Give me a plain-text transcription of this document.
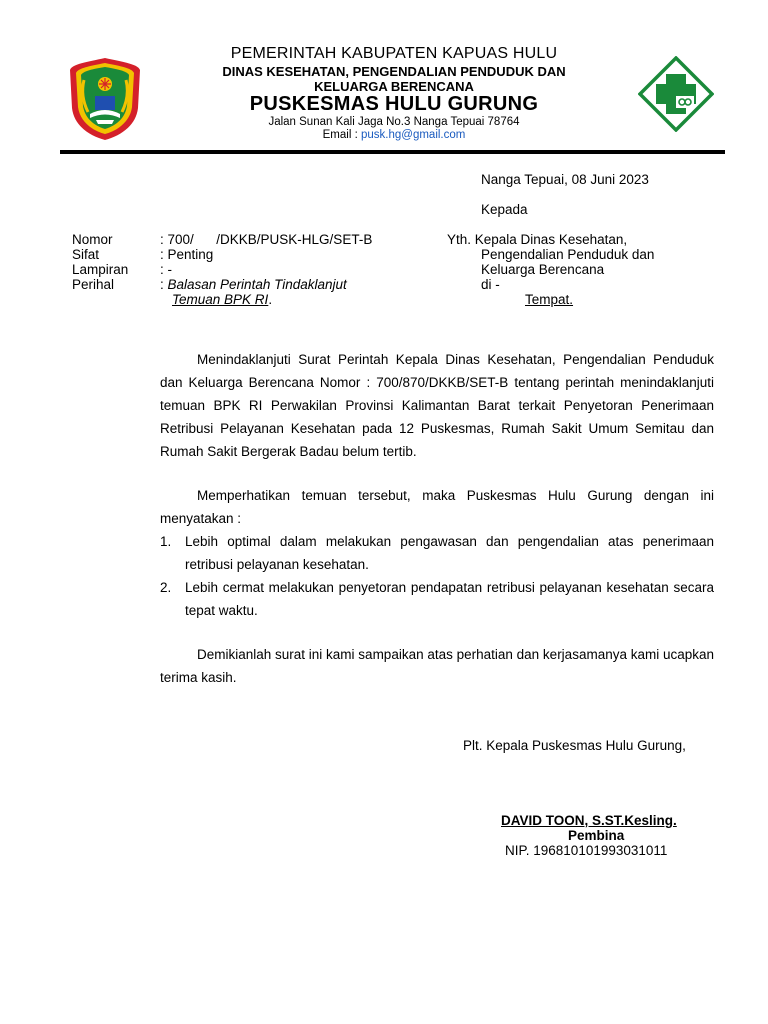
PEMERINTAH KABUPATEN KAPUAS HULU
DINAS KESEHATAN, PENGENDALIAN PENDUDUK DAN
KELUARGA BERENCANA
PUSKESMAS HULU GURUNG
Jalan Sunan Kali Jaga No.3 Nanga Tepuai 78764
Email : pusk.hg@gmail.com
Nanga Tepuai, 08 Juni 2023
Kepada
Nomor	: 700/      /DKKB/PUSK-HLG/SET-B
Sifat	: Penting
Lampiran : -
Perihal	: Balasan Perintah Tindaklanjut
Temuan BPK RI.
Yth. Kepala Dinas Kesehatan,
Pengendalian Penduduk dan
Keluarga Berencana
di -
Tempat.
Menindaklanjuti Surat Perintah Kepala Dinas Kesehatan, Pengendalian Penduduk dan Keluarga Berencana Nomor : 700/870/DKKB/SET-B tentang perintah menindaklanjuti temuan BPK RI Perwakilan Provinsi Kalimantan Barat terkait Penyetoran Penerimaan Retribusi Pelayanan Kesehatan pada 12 Puskesmas, Rumah Sakit Umum Semitau dan Rumah Sakit Bergerak Badau belum tertib.
Memperhatikan temuan tersebut, maka Puskesmas Hulu Gurung dengan ini menyatakan :
1. Lebih optimal dalam melakukan pengawasan dan pengendalian atas penerimaan retribusi pelayanan kesehatan.
2. Lebih cermat melakukan penyetoran pendapatan retribusi pelayanan kesehatan secara tepat waktu.
Demikianlah surat ini kami sampaikan atas perhatian dan kerjasamanya kami ucapkan terima kasih.
Plt. Kepala Puskesmas Hulu Gurung,
DAVID TOON, S.ST.Kesling.
Pembina
NIP. 196810101993031011
